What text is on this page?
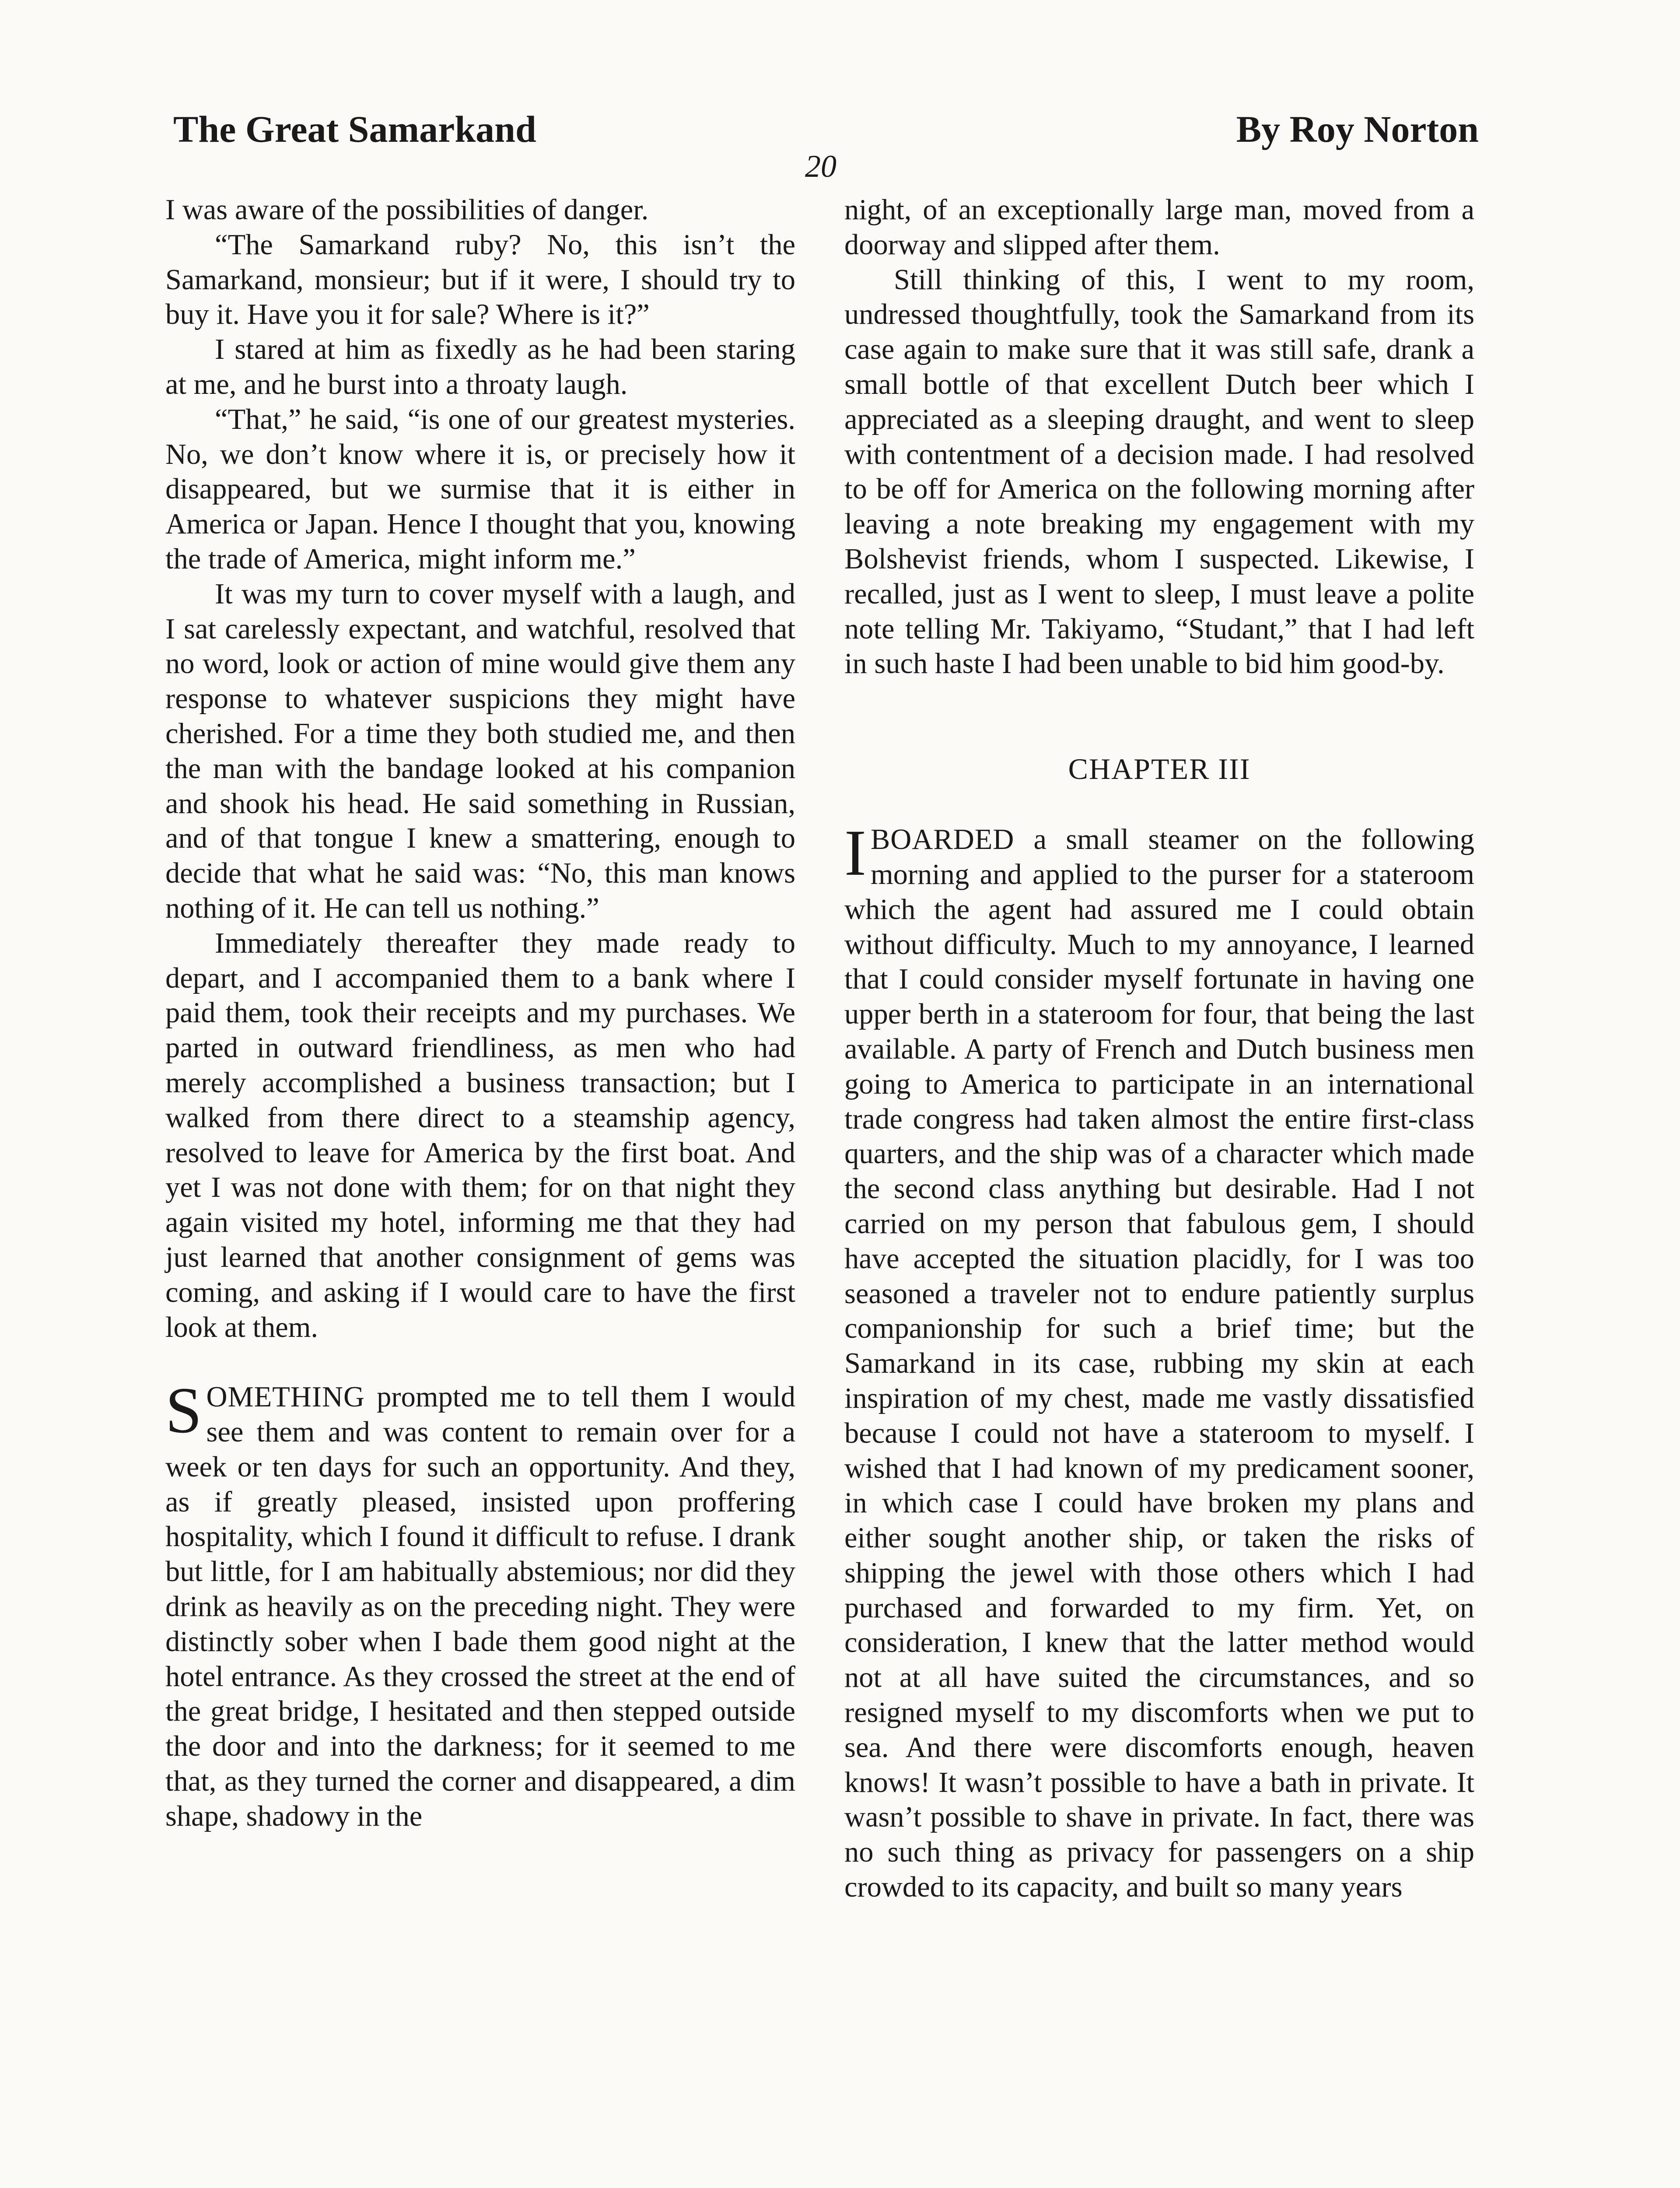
The Great Samarkand	By Roy Norton
20

I was aware of the possibilities of danger.

“The Samarkand ruby? No, this isn’t the Samarkand, monsieur; but if it were, I should try to buy it. Have you it for sale? Where is it?”

I stared at him as fixedly as he had been staring at me, and he burst into a throaty laugh.

“That,” he said, “is one of our greatest mysteries. No, we don’t know where it is, or precisely how it disappeared, but we surmise that it is either in America or Japan. Hence I thought that you, knowing the trade of America, might inform me.”

It was my turn to cover myself with a laugh, and I sat carelessly expectant, and watchful, resolved that no word, look or action of mine would give them any response to whatever suspicions they might have cherished. For a time they both studied me, and then the man with the bandage looked at his companion and shook his head. He said something in Russian, and of that tongue I knew a smattering, enough to decide that what he said was: “No, this man knows nothing of it. He can tell us nothing.”

Immediately thereafter they made ready to depart, and I accompanied them to a bank where I paid them, took their receipts and my purchases. We parted in outward friendliness, as men who had merely accomplished a business transaction; but I walked from there direct to a steamship agency, resolved to leave for America by the first boat. And yet I was not done with them; for on that night they again visited my hotel, informing me that they had just learned that another consignment of gems was coming, and asking if I would care to have the first look at them.

SOMETHING prompted me to tell them I would see them and was content to remain over for a week or ten days for such an opportunity. And they, as if greatly pleased, insisted upon proffering hospitality, which I found it difficult to refuse. I drank but little, for I am habitually abstemious; nor did they drink as heavily as on the preceding night. They were distinctly sober when I bade them good night at the hotel entrance. As they crossed the street at the end of the great bridge, I hesitated and then stepped outside the door and into the darkness; for it seemed to me that, as they turned the corner and disappeared, a dim shape, shadowy in the

night, of an exceptionally large man, moved from a doorway and slipped after them.

Still thinking of this, I went to my room, undressed thoughtfully, took the Samarkand from its case again to make sure that it was still safe, drank a small bottle of that excellent Dutch beer which I appreciated as a sleeping draught, and went to sleep with contentment of a decision made. I had resolved to be off for America on the following morning after leaving a note breaking my engagement with my Bolshevist friends, whom I suspected. Likewise, I recalled, just as I went to sleep, I must leave a polite note telling Mr. Takiyamo, “Studant,” that I had left in such haste I had been unable to bid him good-by.

CHAPTER III

IBOARDED a small steamer on the following morning and applied to the purser for a stateroom which the agent had assured me I could obtain without difficulty. Much to my annoyance, I learned that I could consider myself fortunate in having one upper berth in a stateroom for four, that being the last available. A party of French and Dutch business men going to America to participate in an international trade congress had taken almost the entire first-class quarters, and the ship was of a character which made the second class anything but desirable. Had I not carried on my person that fabulous gem, I should have accepted the situation placidly, for I was too seasoned a traveler not to endure patiently surplus companionship for such a brief time; but the Samarkand in its case, rubbing my skin at each inspiration of my chest, made me vastly dissatisfied because I could not have a stateroom to myself. I wished that I had known of my predicament sooner, in which case I could have broken my plans and either sought another ship, or taken the risks of shipping the jewel with those others which I had purchased and forwarded to my firm. Yet, on consideration, I knew that the latter method would not at all have suited the circumstances, and so resigned myself to my discomforts when we put to sea. And there were discomforts enough, heaven knows! It wasn’t possible to have a bath in private. It wasn’t possible to shave in private. In fact, there was no such thing as privacy for passengers on a ship crowded to its capacity, and built so many years
